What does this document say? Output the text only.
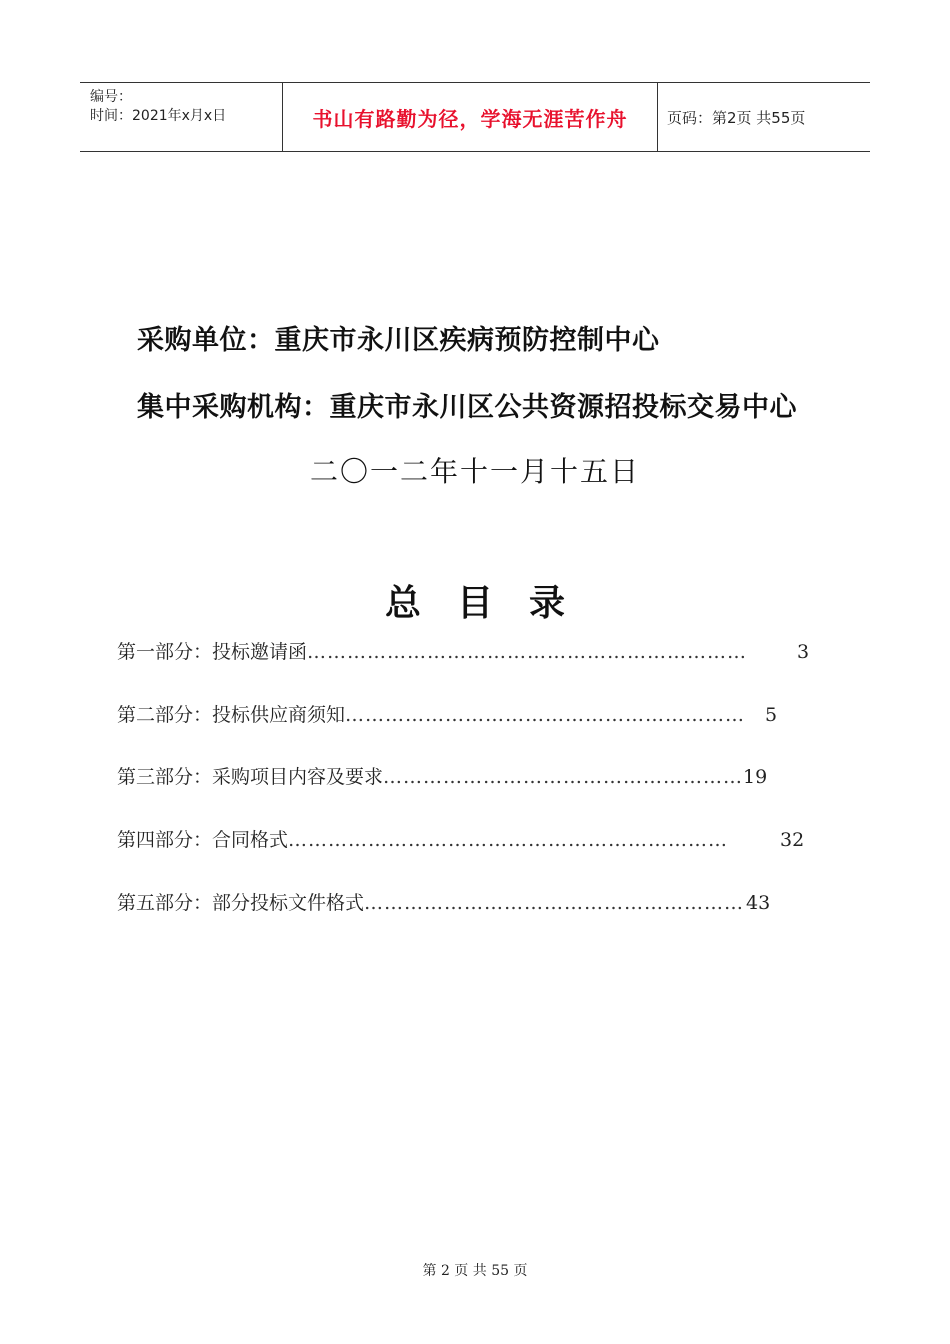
编号：
时间：2021年x月x日	书山有路勤为径，学海无涯苦作舟	页码：第2页 共55页
采购单位：重庆市永川区疾病预防控制中心
集中采购机构：重庆市永川区公共资源招投标交易中心
二〇一二年十一月十五日
总目录
第一部分：投标邀请函 …………………………………………………………	3
第二部分：投标供应商须知 ……………………………………………………	5
第三部分：采购项目内容及要求 ……………………………………………… 19
第四部分：合同格式 …………………………………………………………	32
第五部分：部分投标文件格式 ………………………………………………… 43
第 2 页 共 55 页
